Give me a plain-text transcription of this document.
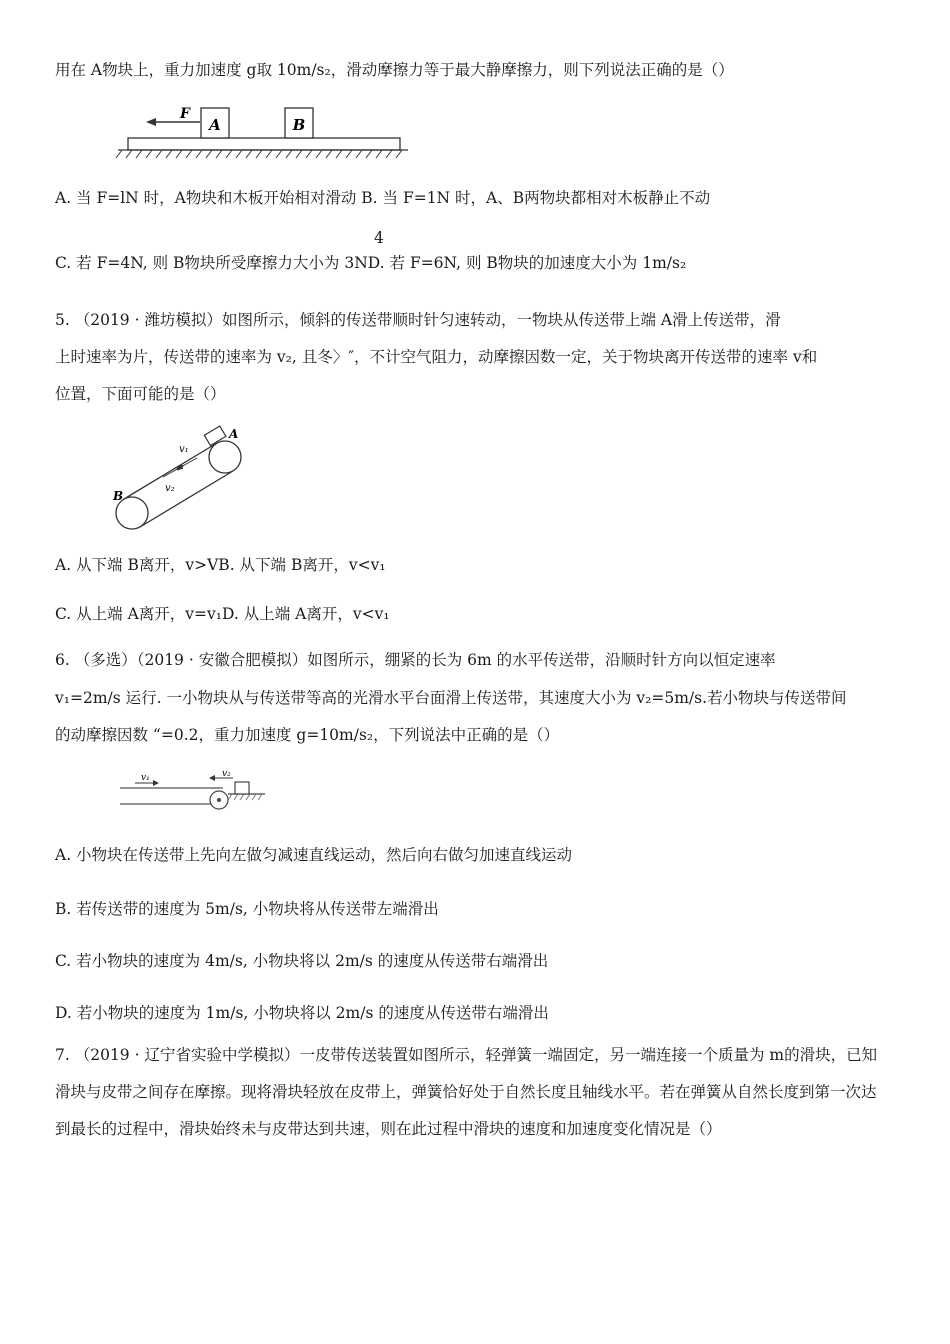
用在 A物块上，重力加速度 g取 10m/s₂，滑动摩擦力等于最大静摩擦力，则下列说法正确的是（）
A	B
F
A. 当 F=lN 时，A物块和木板开始相对滑动 B. 当 F=1N 时，A、B两物块都相对木板静止不动
4
C. 若 F=4N, 则 B物块所受摩擦力大小为 3ND. 若 F=6N, 则 B物块的加速度大小为 1m/s₂
5. （2019 · 潍坊模拟）如图所示，倾斜的传送带顺时针匀速转动，一物块从传送带上端 A滑上传送带，滑
上时速率为片，传送带的速率为 v₂, 且冬〉″，不计空气阻力，动摩擦因数一定，关于物块离开传送带的速率 v和
位置，下面可能的是（）
A
B
v₁
v₂
A. 从下端 B离开，v>VB. 从下端 B离开，v<v₁
C. 从上端 A离开，v=v₁D. 从上端 A离开，v<v₁
6. （多选）（2019 · 安徽合肥模拟）如图所示，绷紧的长为 6m 的水平传送带，沿顺时针方向以恒定速率
v₁=2m/s 运行. 一小物块从与传送带等高的光滑水平台面滑上传送带，其速度大小为 v₂=5m/s.若小物块与传送带间
的动摩擦因数 “=0.2，重力加速度 g=10m/s₂，下列说法中正确的是（）
v₁	v₂
A. 小物块在传送带上先向左做匀减速直线运动，然后向右做匀加速直线运动
B. 若传送带的速度为 5m/s, 小物块将从传送带左端滑出
C. 若小物块的速度为 4m/s, 小物块将以 2m/s 的速度从传送带右端滑出
D. 若小物块的速度为 1m/s, 小物块将以 2m/s 的速度从传送带右端滑出
7. （2019 · 辽宁省实验中学模拟）一皮带传送装置如图所示，轻弹簧一端固定，另一端连接一个质量为 m的滑块，已知滑块与皮带之间存在摩擦。现将滑块轻放在皮带上，弹簧恰好处于自然长度且轴线水平。若在弹簧从自然长度到第一次达到最长的过程中，滑块始终未与皮带达到共速，则在此过程中滑块的速度和加速度变化情况是（）
